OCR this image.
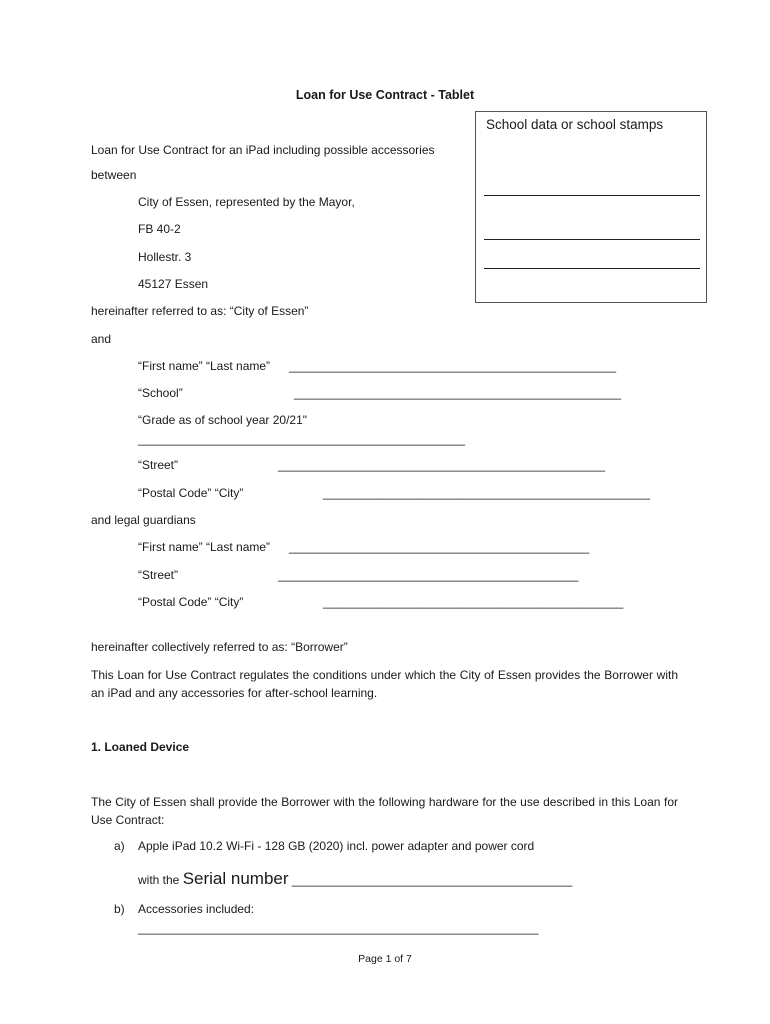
Loan for Use Contract - Tablet

School data or school stamps

Loan for Use Contract for an iPad including possible accessories

between

City of Essen, represented by the Mayor,

FB 40-2

Hollestr. 3

45127 Essen

hereinafter referred to as: “City of Essen”

and

“First name” “Last name” _________________________________________________

“School”	_________________________________________________

“Grade as of school year 20/21"

_________________________________________________

“Street”	_________________________________________________

“Postal Code” “City”	_________________________________________________

and legal guardians

“First name” “Last name” _____________________________________________

“Street”	_____________________________________________

“Postal Code” “City”	_____________________________________________

hereinafter collectively referred to as: “Borrower”

This Loan for Use Contract regulates the conditions under which the City of Essen provides the Borrower with an iPad and any accessories for after-school learning.

1. Loaned Device

The City of Essen shall provide the Borrower with the following hardware for the use described in this Loan for Use Contract:

a) Apple iPad 10.2 Wi-Fi - 128 GB (2020) incl. power adapter and power cord

with the Serial number __________________________________________

b) Accessories included:

____________________________________________________________

Page 1 of 7
